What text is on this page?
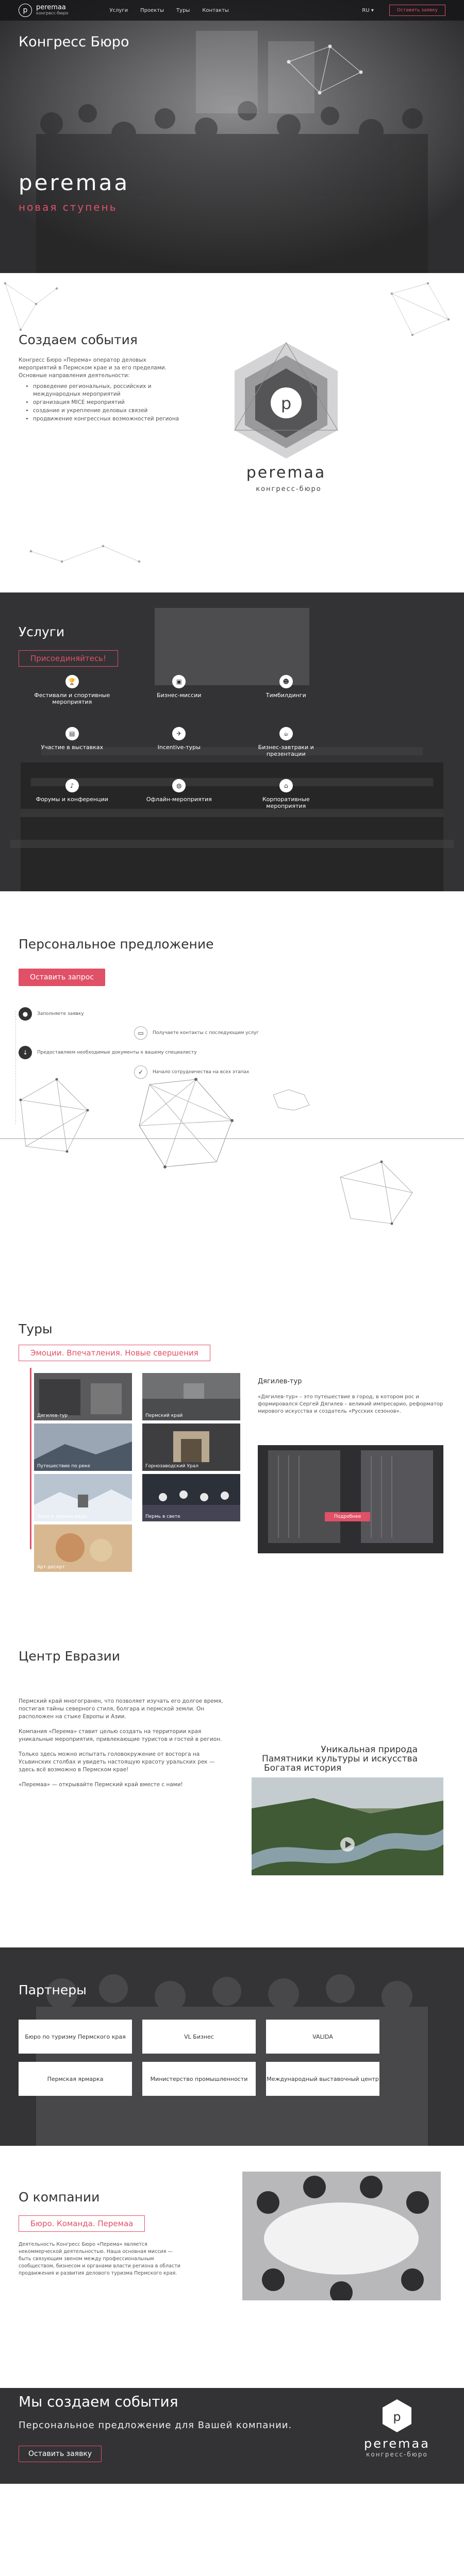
p	peremaa
конгресс-бюро	Услуги Проекты Туры Контакты	RU ▾	Оставить заявку
Конгресс Бюро
peremaa
новая ступень
Создаем события

Конгресс Бюро «Перема» оператор деловых мероприятий в Пермском крае и за его пределами.

Основные направления деятельности:

• проведение региональных, российских и международных мероприятий
• организация MICE мероприятий
• создание и укрепление деловых связей
• продвижение конгрессных возможностей региона
p
peremaa
конгресс-бюро
Услуги
Присоединяйтесь!
🏆
Фестивали и спортивные мероприятия
▣
Бизнес-миссии
☻
Тимбилдинги
▤
Участие в выставках
✈
Incentive-туры
☕
Бизнес-завтраки и презентации
♪
Форумы и конференции
◍
Офлайн-мероприятия
⌂
Корпоративные мероприятия
Персональное предложение
Оставить запрос
●	Заполняете заявку
▭	Получаете контакты с последующим услуг
↓	Предоставляем необходимые документы к вашему специалисту
✓	Начало сотрудничества на всех этапах
Туры
Эмоции. Впечатления. Новые свершения
Дягилев-тур	Пермский край
Путешествие по реке	Горнозаводский Урал
Зима и зимние виды	Пермь в свете
Арт-десерт
Дягилев-тур

«Дягилев-тур» – это путешествие в город, в котором рос и формировался Сергей Дягилев – великий импресарио, реформатор мирового искусства и создатель «Русских сезонов».

Подробнее
Центр Евразии

Пермский край многогранен, что позволяет изучать его долгое время, постигая тайны северного стиля, болгара и пермской земли. Он расположен на стыке Европы и Азии.

Компания «Перема» ставит целью создать на территории края уникальные мероприятия, привлекающие туристов и гостей в регион.

Только здесь можно испытать головокружение от восторга на Усьвинских столбах и увидеть настоящую красоту уральских рек — здесь всё возможно в Пермском крае!

«Перемаа» — открывайте Пермский край вместе с нами!

Уникальная природа
Памятники культуры и искусства
Богатая история
Партнеры
Бюро по туризму Пермского края	VL Бизнес	VALIDA
Пермская ярмарка	Министерство промышленности	Международный выставочный центр
О компании
Бюро. Команда. Перемаа

Деятельность Конгресс Бюро «Перема» является некоммерческой деятельностью. Наша основная миссия — быть связующим звеном между профессиональным сообществом, бизнесом и органами власти региона в области продвижения и развития делового туризма Пермского края.

Мы создаем события
Персональное предложение для Вашей компании.
Оставить заявку
p
peremaa
конгресс-бюро
